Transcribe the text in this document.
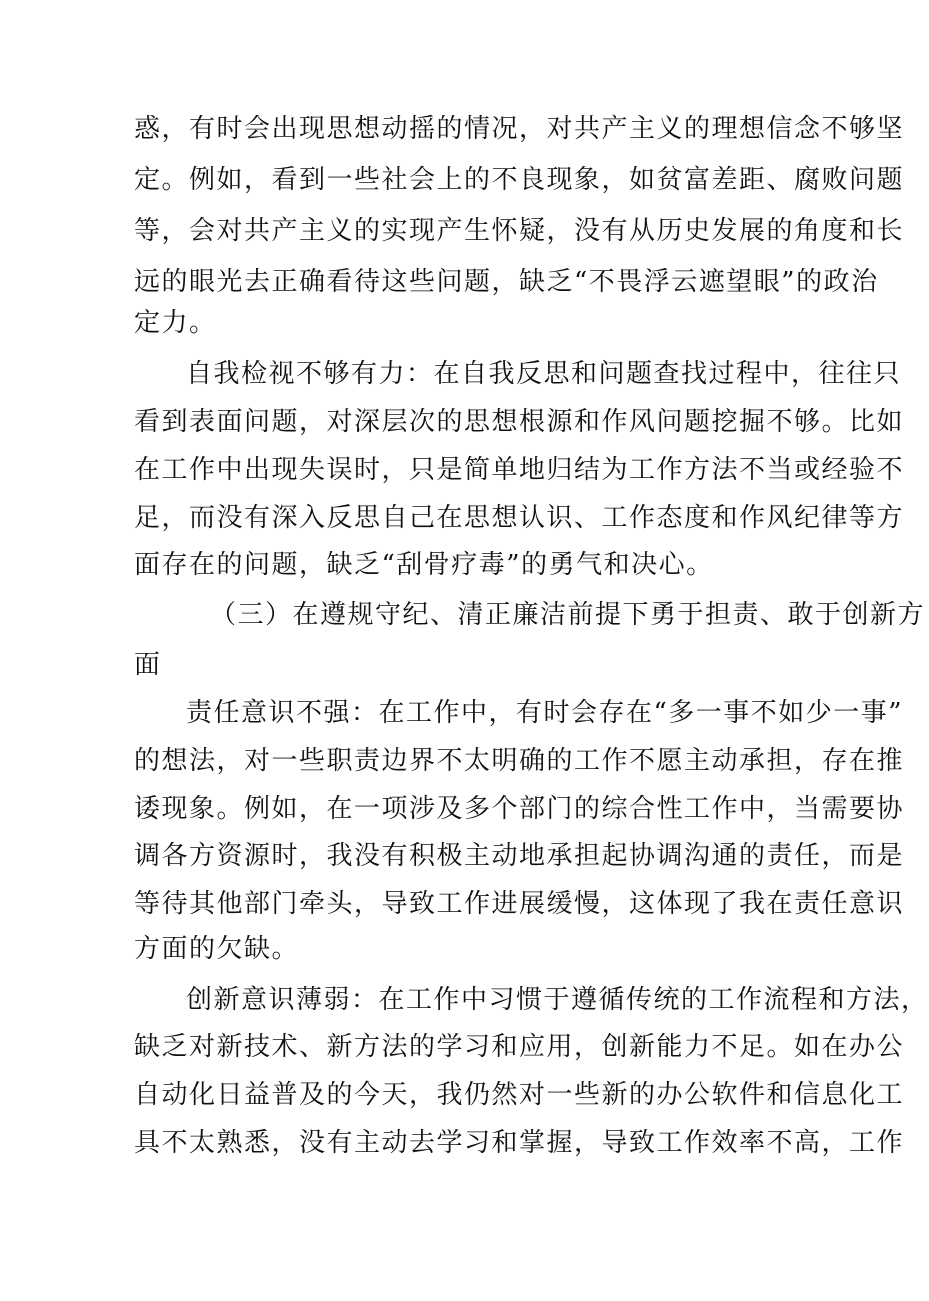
惑，有时会出现思想动摇的情况，对共产主义的理想信念不够坚
定。例如，看到一些社会上的不良现象，如贫富差距、腐败问题
等，会对共产主义的实现产生怀疑，没有从历史发展的角度和长
远的眼光去正确看待这些问题，缺乏“不畏浮云遮望眼”的政治
定力。
自我检视不够有力：在自我反思和问题查找过程中，往往只
看到表面问题，对深层次的思想根源和作风问题挖掘不够。比如
在工作中出现失误时，只是简单地归结为工作方法不当或经验不
足，而没有深入反思自己在思想认识、工作态度和作风纪律等方
面存在的问题，缺乏“刮骨疗毒”的勇气和决心。
（三）在遵规守纪、清正廉洁前提下勇于担责、敢于创新方
面
责任意识不强：在工作中，有时会存在“多一事不如少一事”
的想法，对一些职责边界不太明确的工作不愿主动承担，存在推
诿现象。例如，在一项涉及多个部门的综合性工作中，当需要协
调各方资源时，我没有积极主动地承担起协调沟通的责任，而是
等待其他部门牵头，导致工作进展缓慢，这体现了我在责任意识
方面的欠缺。
创新意识薄弱：在工作中习惯于遵循传统的工作流程和方法，
缺乏对新技术、新方法的学习和应用，创新能力不足。如在办公
自动化日益普及的今天，我仍然对一些新的办公软件和信息化工
具不太熟悉，没有主动去学习和掌握，导致工作效率不高，工作
